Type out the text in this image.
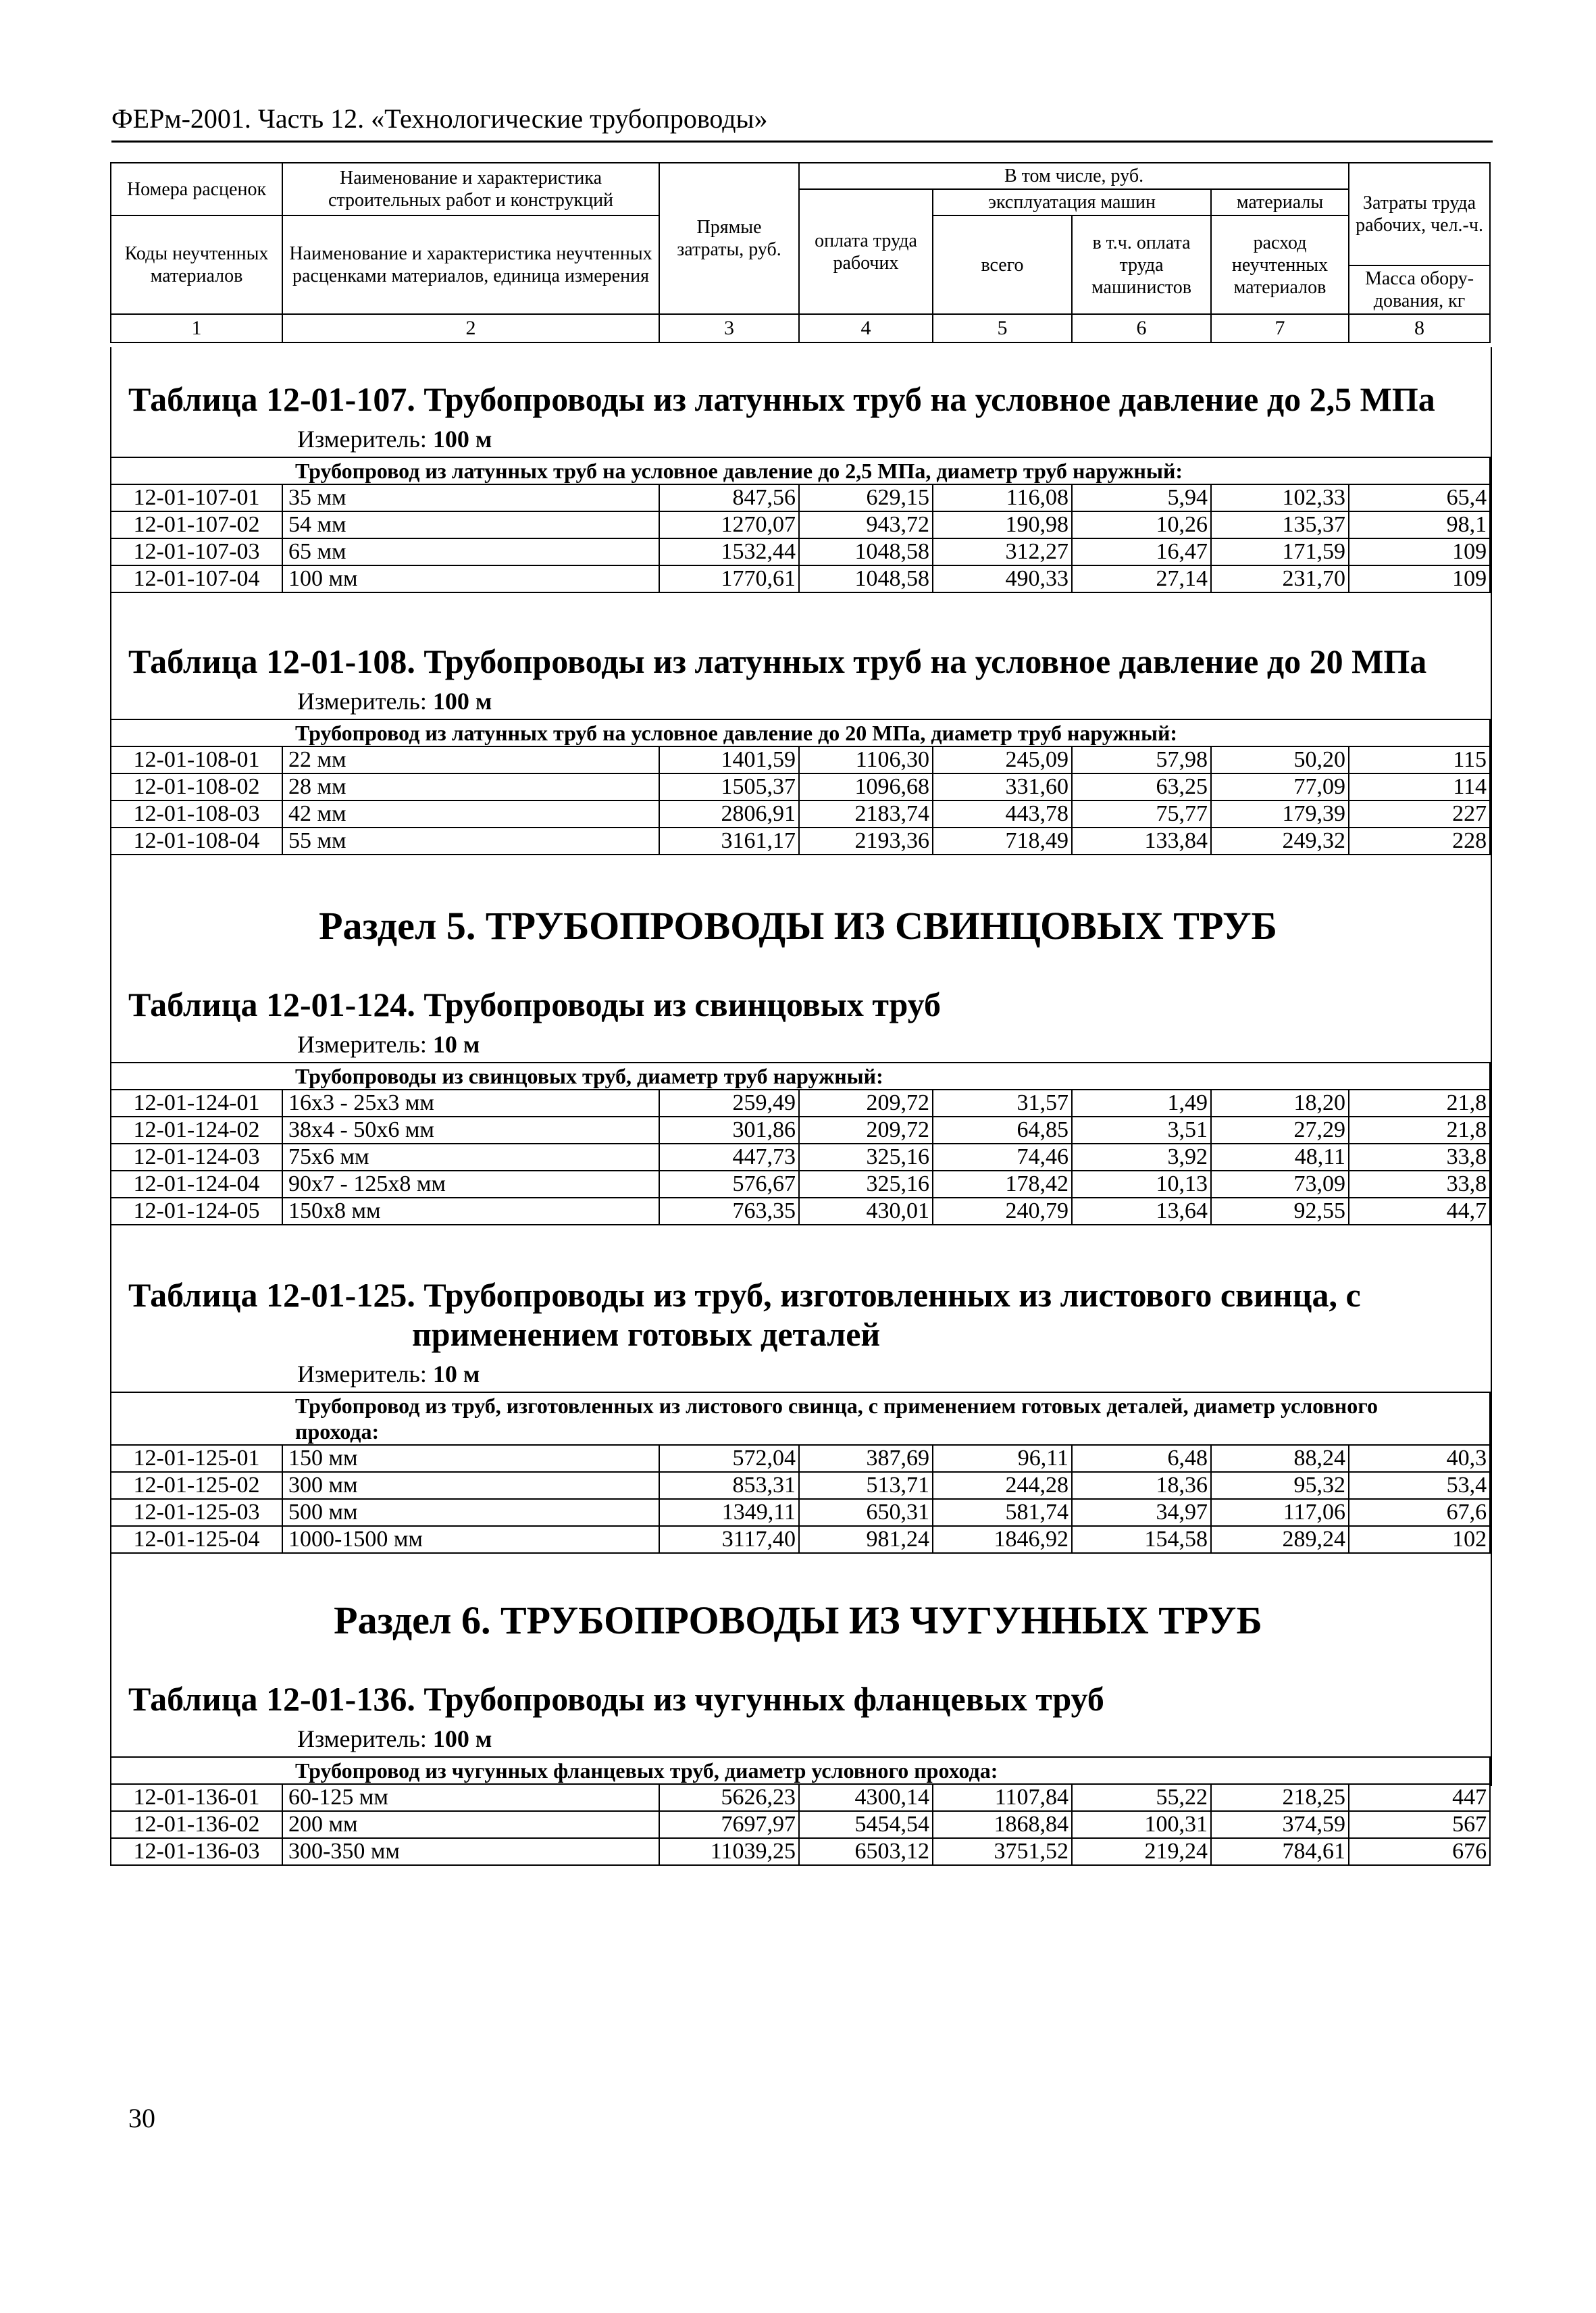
ФЕРм-2001. Часть 12. «Технологические трубопроводы»
Номера расценок	Наименование и характеристика строительных работ и конструкций	Прямые затраты, руб.	В том числе, руб.				Затраты труда рабочих, чел.-ч.
			оплата труда рабочих	эксплуатация машин		материалы	
Коды неучтенных материалов	Наименование и характеристика неучтенных расценками материалов, единица измерения			всего	в т.ч. оплата труда машинистов	расход неучтенных материалов	
							Масса обору-дования, кг
1	2	3	4	5	6	7	8
Таблица 12-01-107. Трубопроводы из латунных труб на условное давление до 2,5 МПа
Измеритель: 100 м
Трубопровод из латунных труб на условное давление до 2,5 МПа, диаметр труб наружный:							
12-01-107-01	35 мм	847,56	629,15	116,08	5,94	102,33	65,4
12-01-107-02	54 мм	1270,07	943,72	190,98	10,26	135,37	98,1
12-01-107-03	65 мм	1532,44	1048,58	312,27	16,47	171,59	109
12-01-107-04	100 мм	1770,61	1048,58	490,33	27,14	231,70	109
Таблица 12-01-108. Трубопроводы из латунных труб на условное давление до 20 МПа
Измеритель: 100 м
Трубопровод из латунных труб на условное давление до 20 МПа, диаметр труб наружный:							
12-01-108-01	22 мм	1401,59	1106,30	245,09	57,98	50,20	115
12-01-108-02	28 мм	1505,37	1096,68	331,60	63,25	77,09	114
12-01-108-03	42 мм	2806,91	2183,74	443,78	75,77	179,39	227
12-01-108-04	55 мм	3161,17	2193,36	718,49	133,84	249,32	228
Раздел 5. ТРУБОПРОВОДЫ ИЗ СВИНЦОВЫХ ТРУБ
Таблица 12-01-124. Трубопроводы из свинцовых труб
Измеритель: 10 м
Трубопроводы из свинцовых труб, диаметр труб наружный:							
12-01-124-01	16х3 - 25х3 мм	259,49	209,72	31,57	1,49	18,20	21,8
12-01-124-02	38х4 - 50х6 мм	301,86	209,72	64,85	3,51	27,29	21,8
12-01-124-03	75х6 мм	447,73	325,16	74,46	3,92	48,11	33,8
12-01-124-04	90х7 - 125х8 мм	576,67	325,16	178,42	10,13	73,09	33,8
12-01-124-05	150х8 мм	763,35	430,01	240,79	13,64	92,55	44,7
Таблица 12-01-125. Трубопроводы из труб, изготовленных из листового свинца, с
применением готовых деталей
Измеритель: 10 м
Трубопровод из труб, изготовленных из листового свинца, с применением готовых деталей, диаметр условного прохода:							
12-01-125-01	150 мм	572,04	387,69	96,11	6,48	88,24	40,3
12-01-125-02	300 мм	853,31	513,71	244,28	18,36	95,32	53,4
12-01-125-03	500 мм	1349,11	650,31	581,74	34,97	117,06	67,6
12-01-125-04	1000-1500 мм	3117,40	981,24	1846,92	154,58	289,24	102
Раздел 6. ТРУБОПРОВОДЫ ИЗ ЧУГУННЫХ ТРУБ
Таблица 12-01-136. Трубопроводы из чугунных фланцевых труб
Измеритель: 100 м
Трубопровод из чугунных фланцевых труб, диаметр условного прохода:							
12-01-136-01	60-125 мм	5626,23	4300,14	1107,84	55,22	218,25	447
12-01-136-02	200 мм	7697,97	5454,54	1868,84	100,31	374,59	567
12-01-136-03	300-350 мм	11039,25	6503,12	3751,52	219,24	784,61	676
30
